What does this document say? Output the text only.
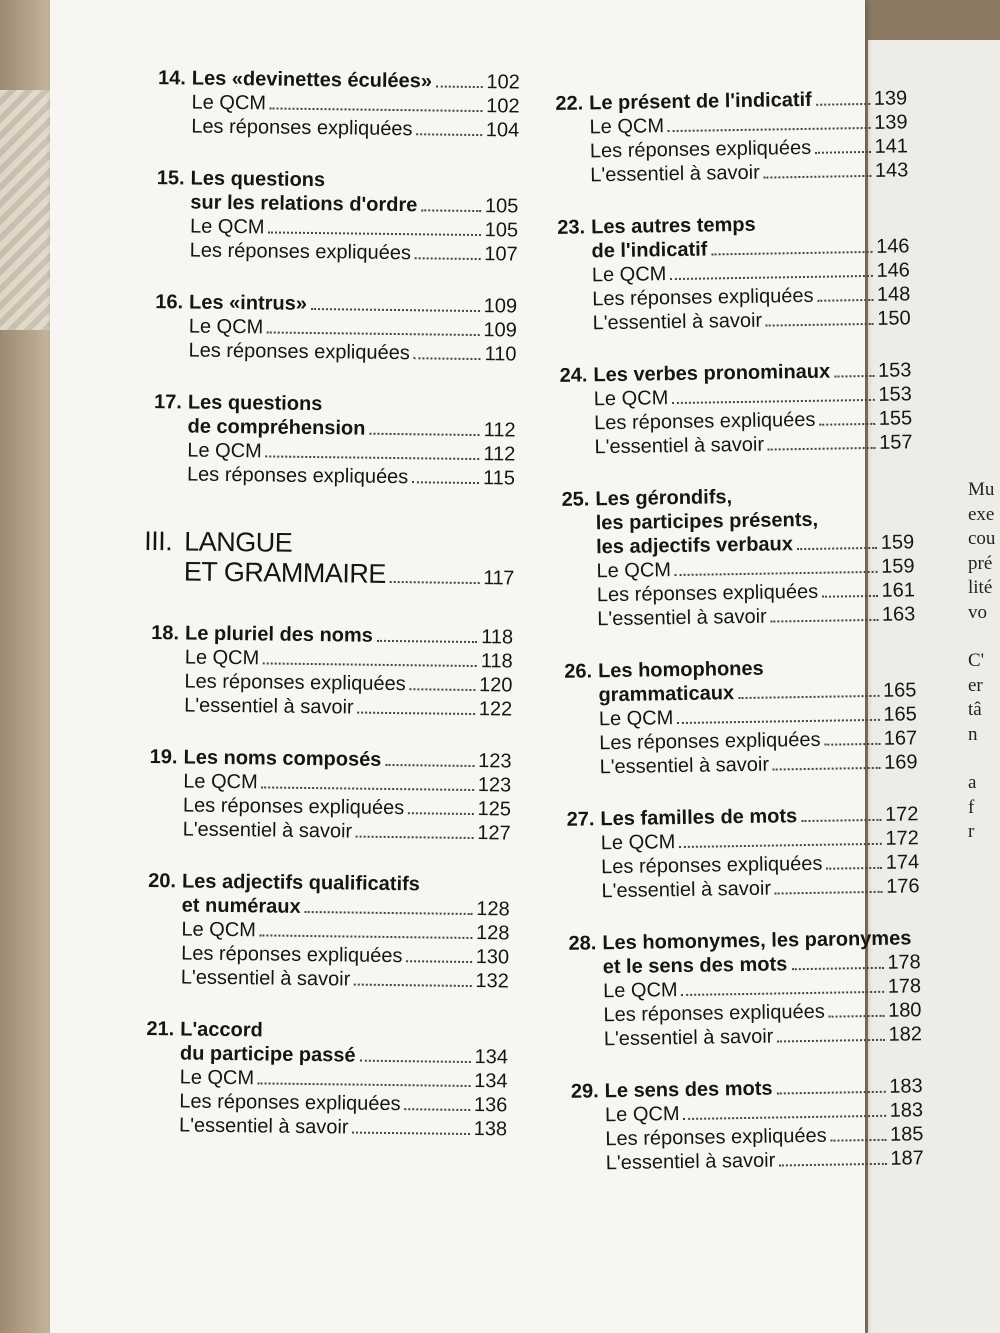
Mu
exe
cou
pré
lité
vo
C'
er
tâ
n
a
f
r
14. Les «devinettes éculées»	102
Le QCM	102
Les réponses expliquées	104
15. Les questions
sur les relations d'ordre	105
Le QCM	105
Les réponses expliquées	107
16. Les «intrus»	109
Le QCM	109
Les réponses expliquées	110
17. Les questions
de compréhension	112
Le QCM	112
Les réponses expliquées	115
III. LANGUE
ET GRAMMAIRE	117
18. Le pluriel des noms	118
Le QCM	118
Les réponses expliquées	120
L'essentiel à savoir	122
19. Les noms composés	123
Le QCM	123
Les réponses expliquées	125
L'essentiel à savoir	127
20. Les adjectifs qualificatifs
et numéraux	128
Le QCM	128
Les réponses expliquées	130
L'essentiel à savoir	132
21. L'accord
du participe passé	134
Le QCM	134
Les réponses expliquées	136
L'essentiel à savoir	138
22. Le présent de l'indicatif	139
Le QCM	139
Les réponses expliquées	141
L'essentiel à savoir	143
23. Les autres temps
de l'indicatif	146
Le QCM	146
Les réponses expliquées	148
L'essentiel à savoir	150
24. Les verbes pronominaux 153
Le QCM	153
Les réponses expliquées	155
L'essentiel à savoir	157
25. Les gérondifs,
les participes présents,
les adjectifs verbaux	159
Le QCM	159
Les réponses expliquées	161
L'essentiel à savoir	163
26. Les homophones
grammaticaux	165
Le QCM	165
Les réponses expliquées	167
L'essentiel à savoir	169
27. Les familles de mots	172
Le QCM	172
Les réponses expliquées	174
L'essentiel à savoir	176
28. Les homonymes, les paronymes
et le sens des mots	178
Le QCM	178
Les réponses expliquées	180
L'essentiel à savoir	182
29. Le sens des mots	183
Le QCM	183
Les réponses expliquées	185
L'essentiel à savoir	187
